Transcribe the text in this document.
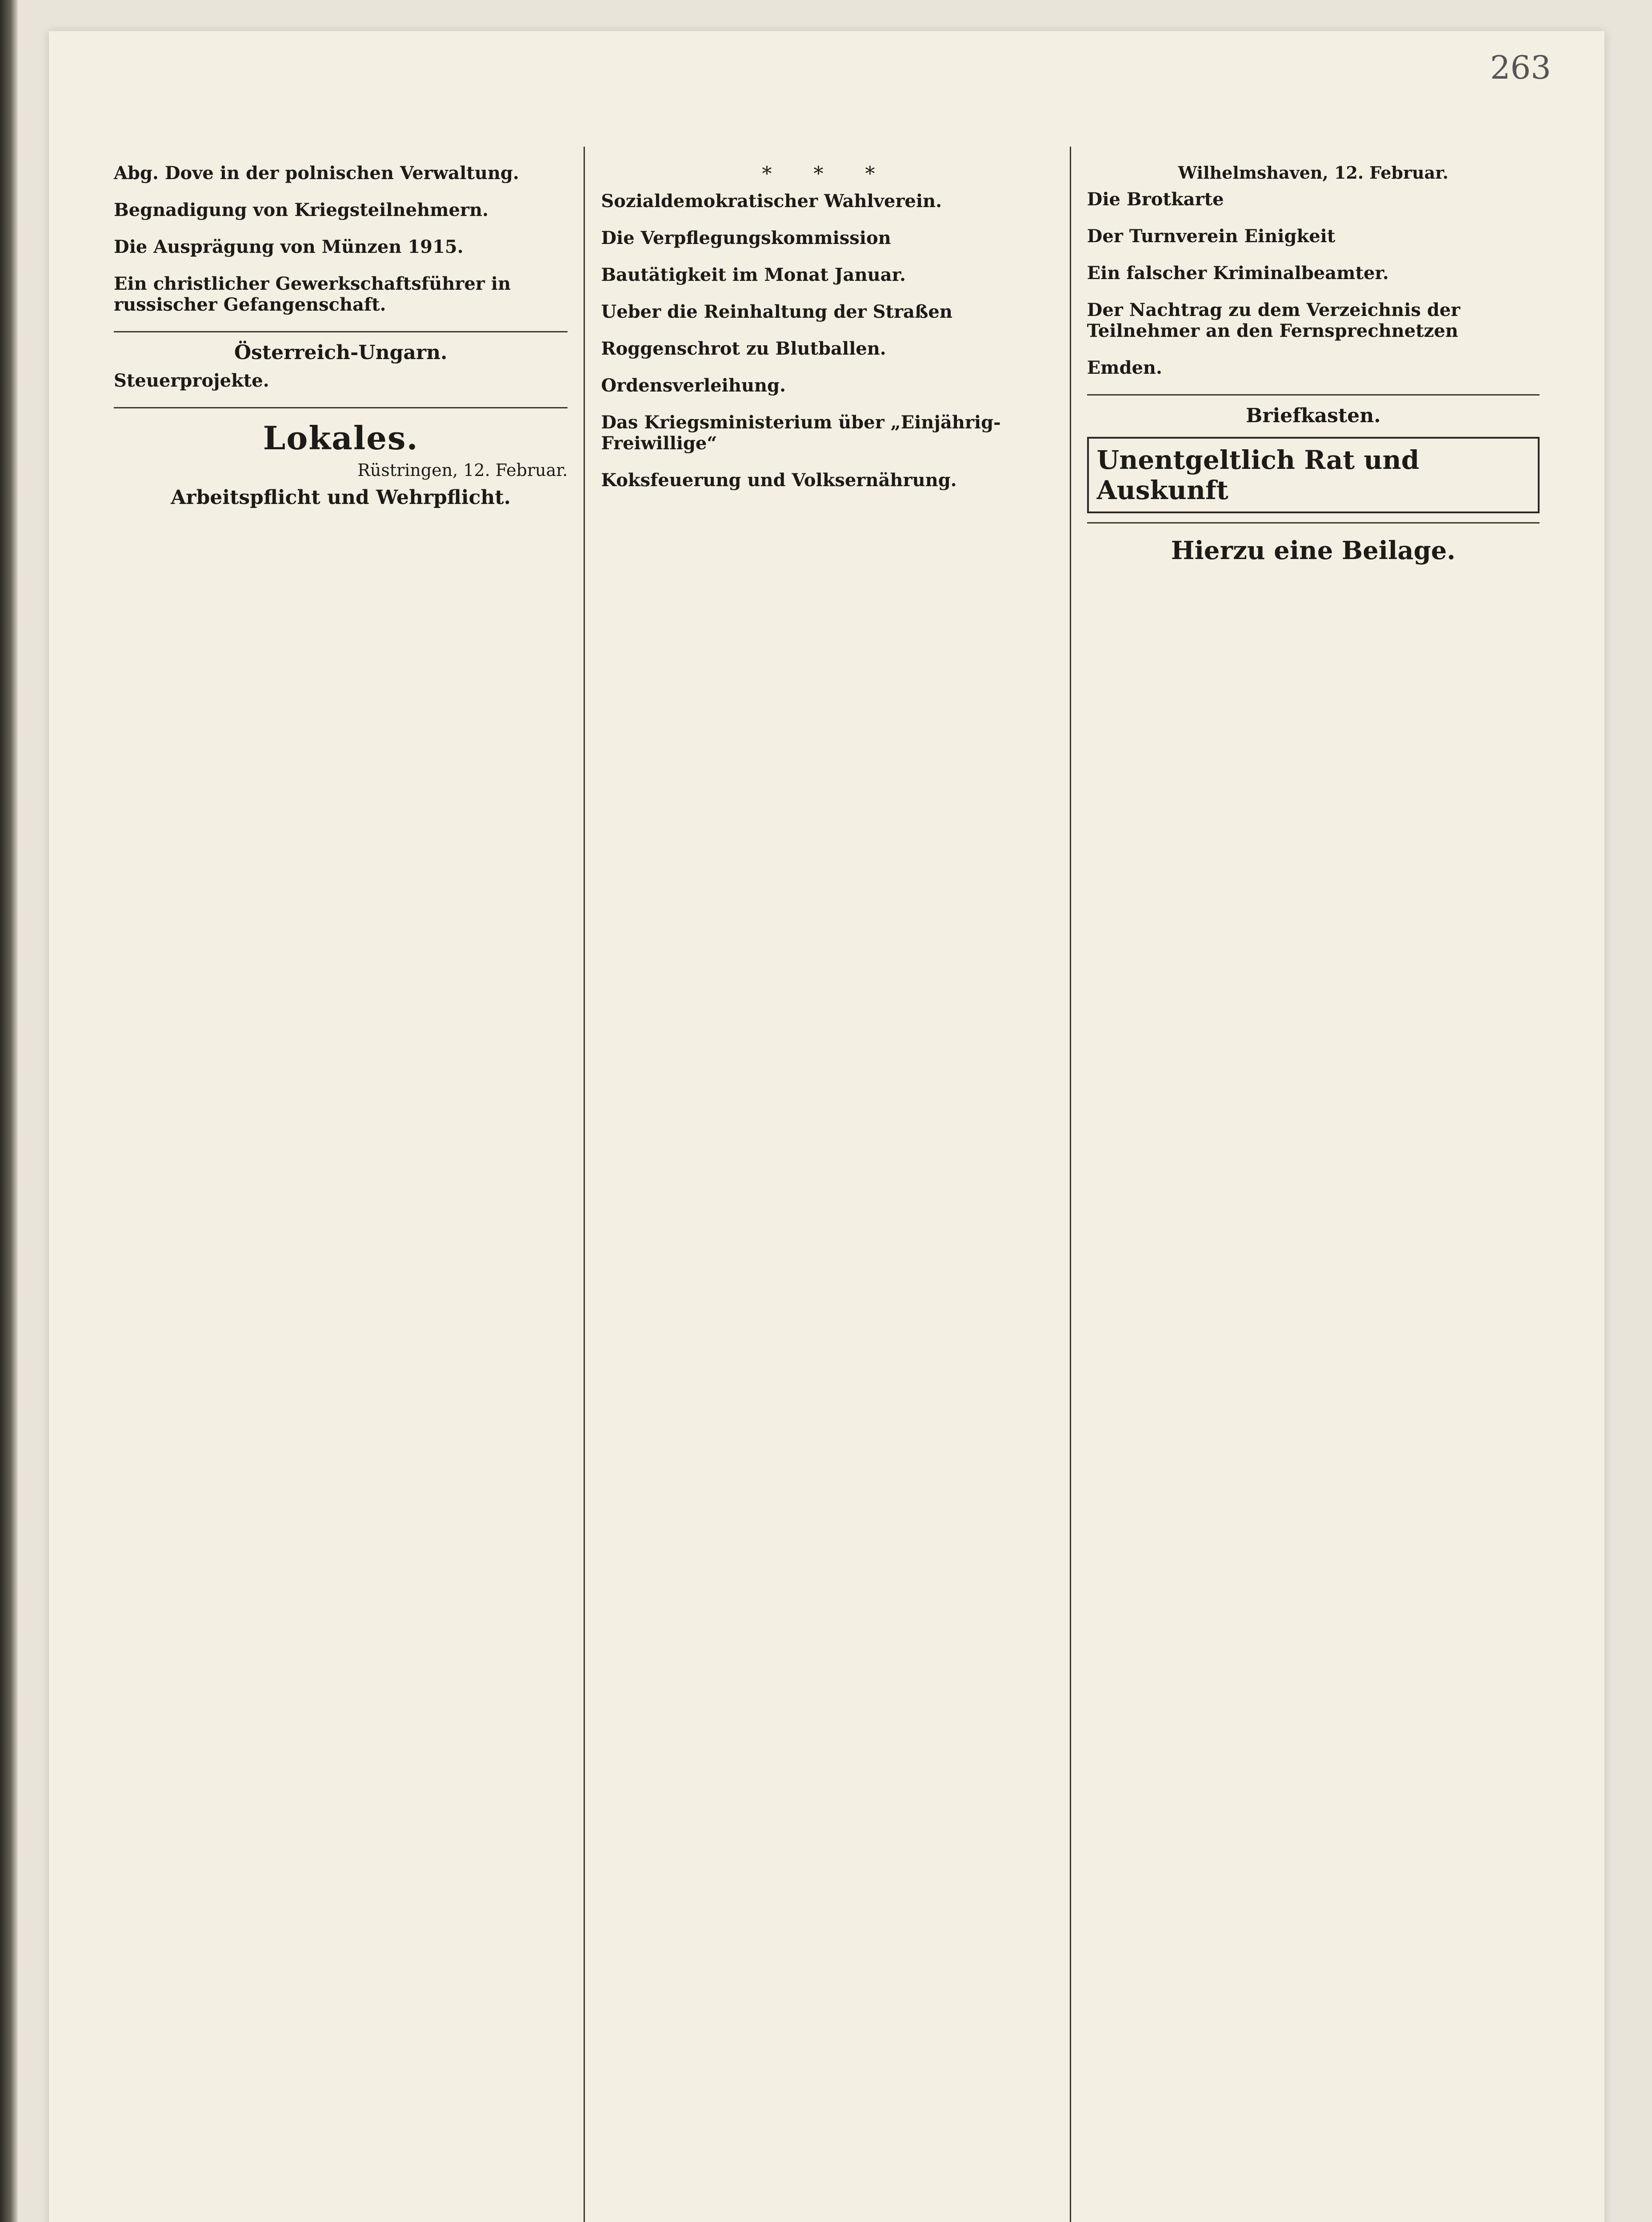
263

Abg. Dove in der polnischen Verwaltung.

Begnadigung von Kriegsteilnehmern.

Die Ausprägung von Münzen 1915.

Ein christlicher Gewerkschaftsführer in russischer Gefangenschaft.

Österreich-Ungarn.
Steuerprojekte.

Lokales.
Rüstringen, 12. Februar.
Arbeitspflicht und Wehrpflicht.

* * *
Sozialdemokratischer Wahlverein.

Die Verpflegungskommission

Bautätigkeit im Monat Januar.

Ueber die Reinhaltung der Straßen

Roggenschrot zu Blutballen.

Ordensverleihung.

Das Kriegsministerium über „Einjährig-Freiwillige“

Koksfeuerung und Volksernährung.

Wilhelmshaven, 12. Februar.
Die Brotkarte

Der Turnverein Einigkeit

Ein falscher Kriminalbeamter.

Der Nachtrag zu dem Verzeichnis der Teilnehmer an den Fernsprechnetzen

Emden.

Briefkasten.

Unentgeltlich Rat und Auskunft
Hierzu eine Beilage.
